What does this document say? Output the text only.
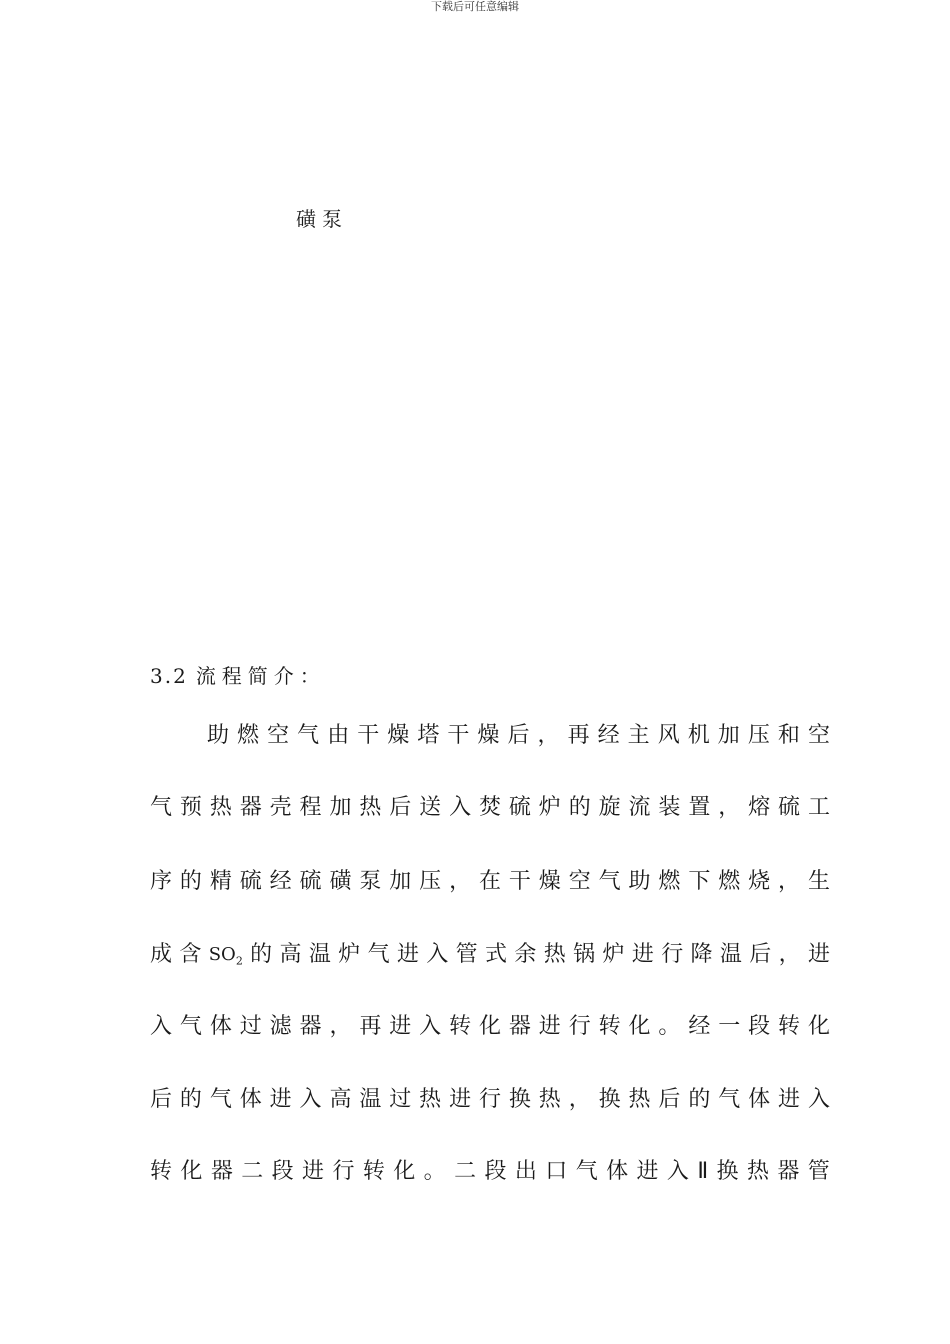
下载后可任意编辑
磺泵
3.2 流程简介：
助 燃 空 气 由 干 燥 塔 干 燥 后 ， 再 经 主 风 机 加 压 和 空
气 预 热 器 壳 程 加 热 后 送 入 焚 硫 炉 的 旋 流 装 置 ， 熔 硫 工
序 的 精 硫 经 硫 磺 泵 加 压 ， 在 干 燥 空 气 助 燃 下 燃 烧 ， 生
成 含 $SO_2$ 的 高 温 炉 气 进 入 管 式 余 热 锅 炉 进 行 降 温 后 ， 进
入 气 体 过 滤 器 ， 再 进 入 转 化 器 进 行 转 化 。 经 一 段 转 化
后 的 气 体 进 入 高 温 过 热 进 行 换 热 ， 换 热 后 的 气 体 进 入
转 化 器 二 段 进 行 转 化 。 二 段 出 口 气 体 进 入 Ⅱ 换 热 器 管
